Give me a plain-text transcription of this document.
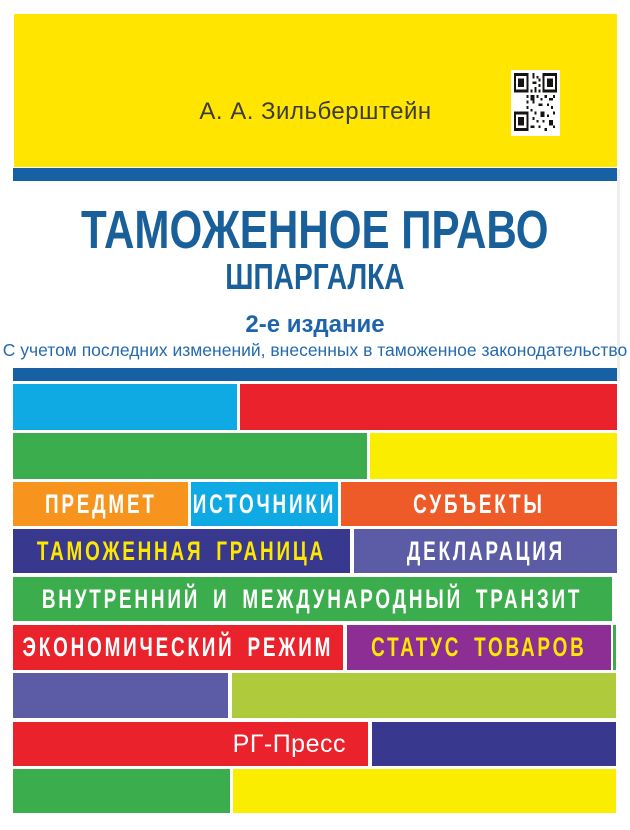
А. А. Зильберштейн
ТАМОЖЕННОЕ ПРАВО
ШПАРГАЛКА
2-е издание
С учетом последних изменений, внесенных в таможенное законодательство
ПРЕДМЕТ ИСТОЧНИКИ	СУБЪЕКТЫ
ТАМОЖЕННАЯ ГРАНИЦА	ДЕКЛАРАЦИЯ
ВНУТРЕННИЙ И МЕЖДУНАРОДНЫЙ ТРАНЗИТ
ЭКОНОМИЧЕСКИЙ РЕЖИМ СТАТУС ТОВАРОВ
РГ-Пресс
